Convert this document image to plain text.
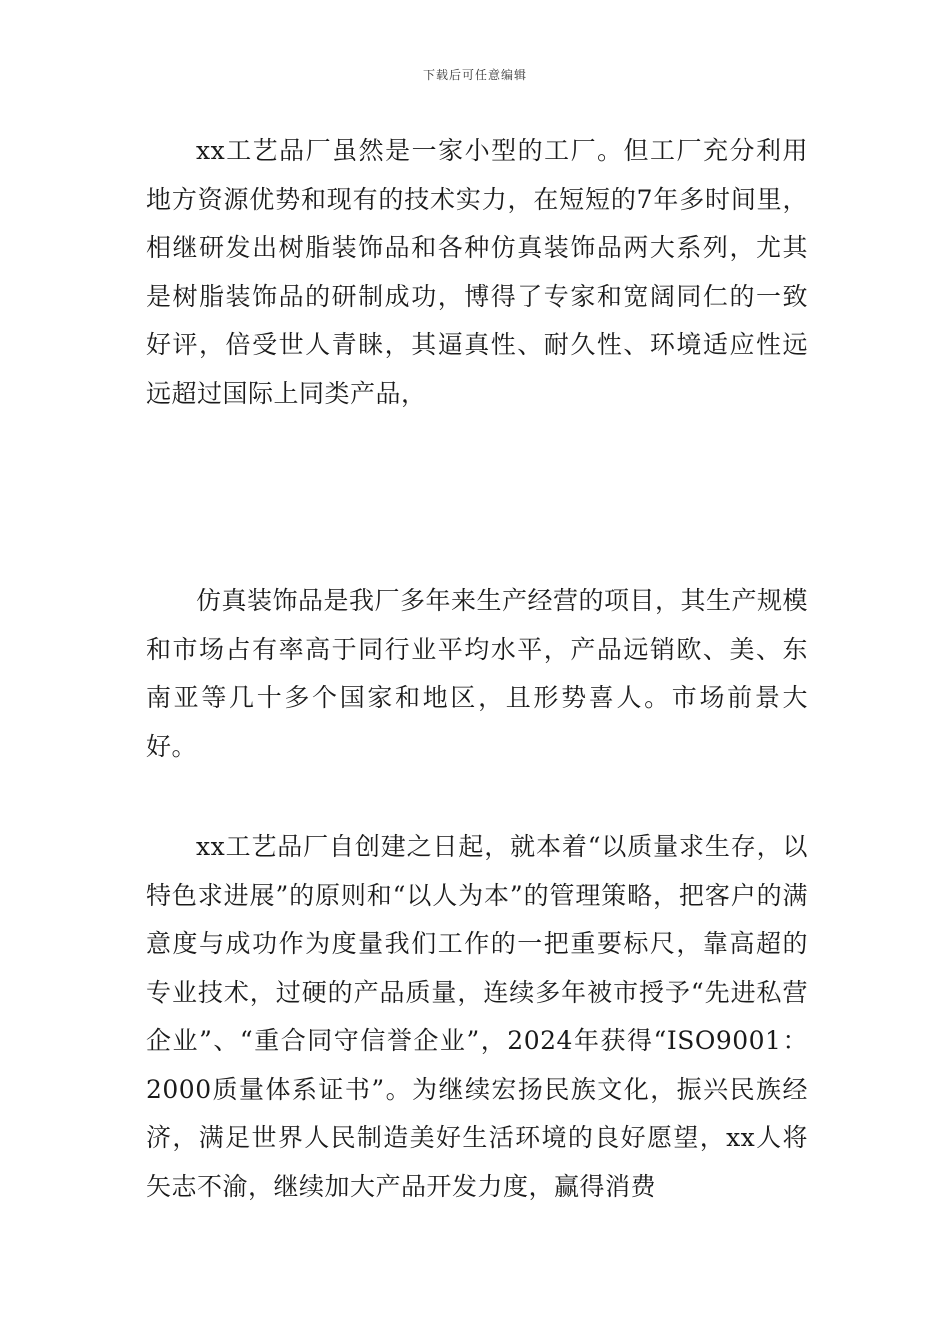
下载后可任意编辑

xx工艺品厂虽然是一家小型的工厂。但工厂充分利用地方资源优势和现有的技术实力，在短短的7年多时间里，相继研发出树脂装饰品和各种仿真装饰品两大系列，尤其是树脂装饰品的研制成功，博得了专家和宽阔同仁的一致好评，倍受世人青睐，其逼真性、耐久性、环境适应性远远超过国际上同类产品，

仿真装饰品是我厂多年来生产经营的项目，其生产规模和市场占有率高于同行业平均水平，产品远销欧、美、东南亚等几十多个国家和地区，且形势喜人。市场前景大好。

xx工艺品厂自创建之日起，就本着“以质量求生存，以特色求进展”的原则和“以人为本”的管理策略，把客户的满意度与成功作为度量我们工作的一把重要标尺，靠高超的专业技术，过硬的产品质量，连续多年被市授予“先进私营企业”、“重合同守信誉企业”，2024年获得“ISO9001：2000质量体系证书”。为继续宏扬民族文化，振兴民族经济，满足世界人民制造美好生活环境的良好愿望，xx人将矢志不渝，继续加大产品开发力度，赢得消费
